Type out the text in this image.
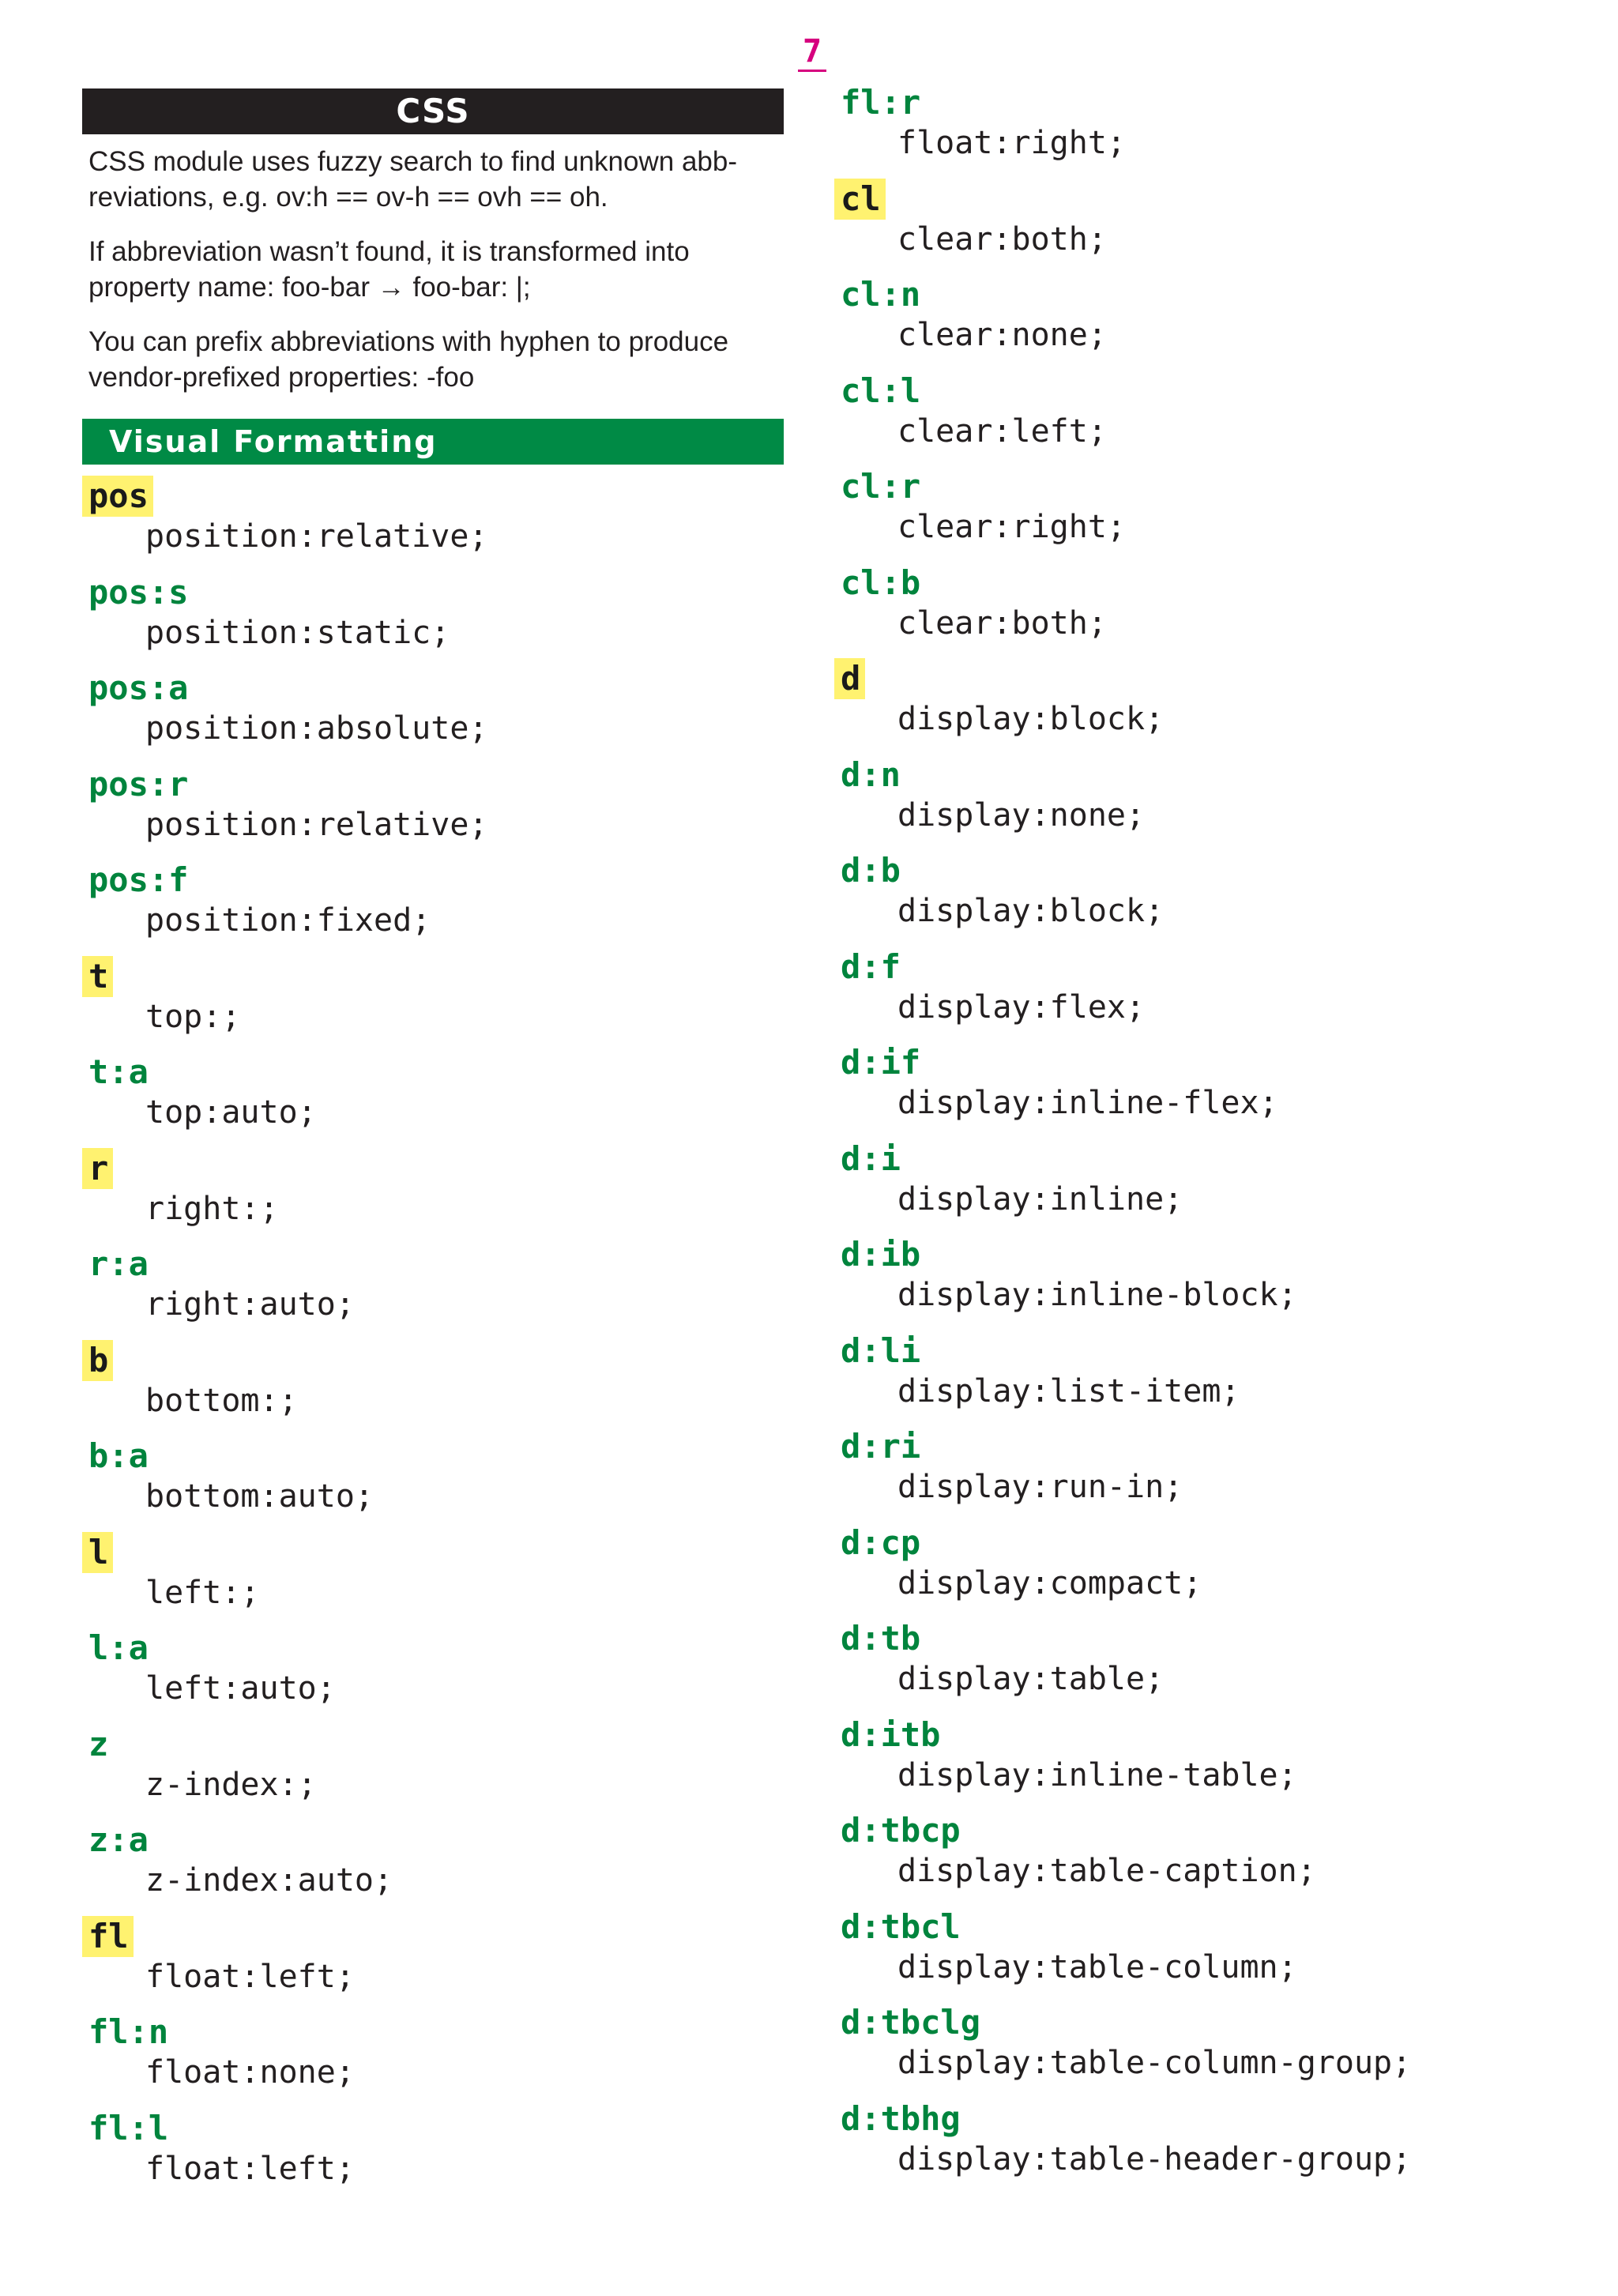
7
CSS

CSS module uses fuzzy search to find unknown abb-reviations, e.g. ov:h == ov-h == ovh == oh.

If abbreviation wasn’t found, it is transformed into property name: foo-bar → foo-bar: |;

You can prefix abbreviations with hyphen to produce vendor-prefixed properties: -foo

Visual Formatting
pos
position:relative;
pos:s
position:static;
pos:a
position:absolute;
pos:r
position:relative;
pos:f
position:fixed;
t
top:;
t:a
top:auto;
r
right:;
r:a
right:auto;
b
bottom:;
b:a
bottom:auto;
l
left:;
l:a
left:auto;
z
z-index:;
z:a
z-index:auto;
fl
float:left;
fl:n
float:none;
fl:l
float:left;
fl:r
float:right;
cl
clear:both;
cl:n
clear:none;
cl:l
clear:left;
cl:r
clear:right;
cl:b
clear:both;
d
display:block;
d:n
display:none;
d:b
display:block;
d:f
display:flex;
d:if
display:inline-flex;
d:i
display:inline;
d:ib
display:inline-block;
d:li
display:list-item;
d:ri
display:run-in;
d:cp
display:compact;
d:tb
display:table;
d:itb
display:inline-table;
d:tbcp
display:table-caption;
d:tbcl
display:table-column;
d:tbclg
display:table-column-group;
d:tbhg
display:table-header-group;
